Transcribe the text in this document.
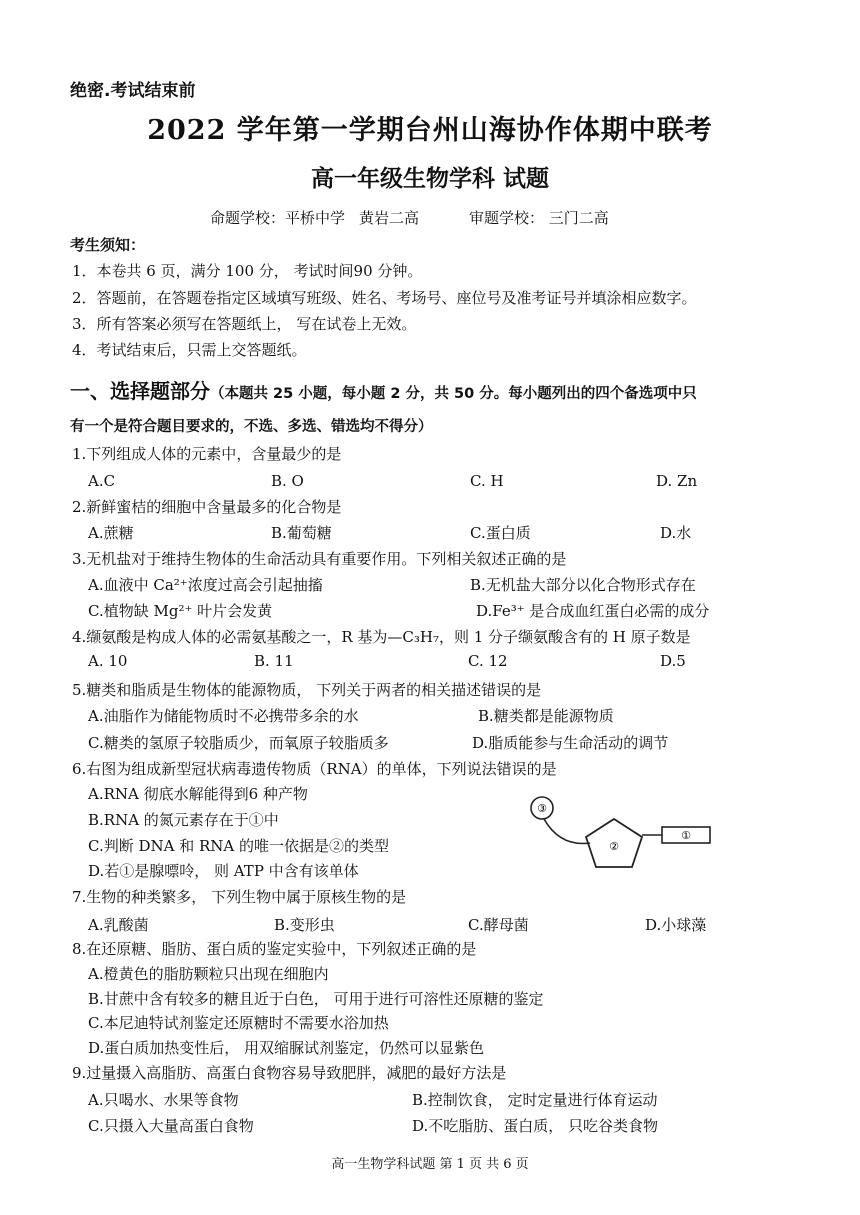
绝密.考试结束前
2022 学年第一学期台州山海协作体期中联考
高一年级生物学科 试题
命题学校：平桥中学 黄岩二高	审题学校： 三门二高
考生须知：
1．本卷共 6 页，满分 100 分， 考试时间90 分钟。
2．答题前，在答题卷指定区域填写班级、姓名、考场号、座位号及准考证号并填涂相应数字。
3．所有答案必须写在答题纸上， 写在试卷上无效。
4．考试结束后，只需上交答题纸。
一、选择题部分（本题共 25 小题，每小题 2 分，共 50 分。每小题列出的四个备选项中只
有一个是符合题目要求的，不选、多选、错选均不得分）
1.下列组成人体的元素中，含量最少的是
A.C	B. O	C. H	D. Zn
2.新鲜蜜桔的细胞中含量最多的化合物是
A.蔗糖	B.葡萄糖	C.蛋白质	D.水
3.无机盐对于维持生物体的生命活动具有重要作用。下列相关叙述正确的是
A.血液中 Ca²⁺浓度过高会引起抽搐	B.无机盐大部分以化合物形式存在
C.植物缺 Mg²⁺ 叶片会发黄	D.Fe³⁺ 是合成血红蛋白必需的成分
4.缬氨酸是构成人体的必需氨基酸之一，R 基为—C₃H₇，则 1 分子缬氨酸含有的 H 原子数是
A. 10	B. 11	C. 12	D.5
5.糖类和脂质是生物体的能源物质， 下列关于两者的相关描述错误的是
A.油脂作为储能物质时不必携带多余的水	B.糖类都是能源物质
C.糖类的氢原子较脂质少，而氧原子较脂质多	D.脂质能参与生命活动的调节
6.右图为组成新型冠状病毒遗传物质（RNA）的单体，下列说法错误的是
A.RNA 彻底水解能得到6 种产物
B.RNA 的氮元素存在于①中
C.判断 DNA 和 RNA 的唯一依据是②的类型
D.若①是腺嘌呤， 则 ATP 中含有该单体
③
②
①
7.生物的种类繁多， 下列生物中属于原核生物的是
A.乳酸菌	B.变形虫	C.酵母菌	D.小球藻
8.在还原糖、脂肪、蛋白质的鉴定实验中，下列叙述正确的是
A.橙黄色的脂肪颗粒只出现在细胞内
B.甘蔗中含有较多的糖且近于白色， 可用于进行可溶性还原糖的鉴定
C.本尼迪特试剂鉴定还原糖时不需要水浴加热
D.蛋白质加热变性后， 用双缩脲试剂鉴定，仍然可以显紫色
9.过量摄入高脂肪、高蛋白食物容易导致肥胖，减肥的最好方法是
A.只喝水、水果等食物	B.控制饮食， 定时定量进行体育运动
C.只摄入大量高蛋白食物	D.不吃脂肪、蛋白质， 只吃谷类食物
高一生物学科试题 第 1 页 共 6 页
